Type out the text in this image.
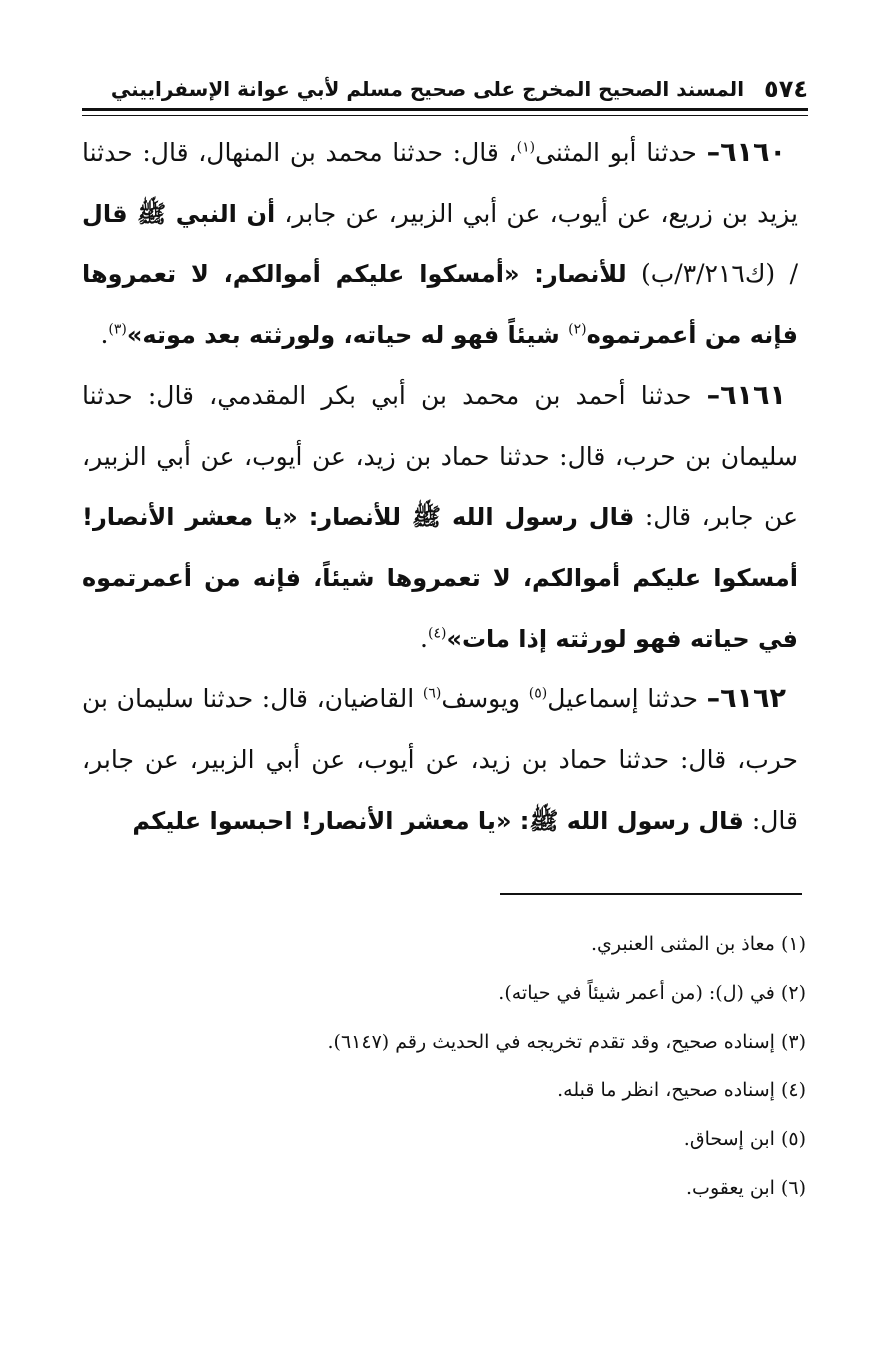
٥٧٤
المسند الصحيح المخرج على صحيح مسلم لأبي عوانة الإسفراييني

٦١٦٠– حدثنا أبو المثنى$^{(١)}$، قال: حدثنا محمد بن المنهال، قال: حدثنا يزيد بن زريع، عن أيوب، عن أبي الزبير، عن جابر، أن النبي ﷺ قال / (ك٣/٢١٦/ب) للأنصار: «أمسكوا عليكم أموالكم، لا تعمروها فإنه من أعمرتموه$^{(٢)}$ شيئاً فهو له حياته، ولورثته بعد موته»$^{(٣)}$.

٦١٦١– حدثنا أحمد بن محمد بن أبي بكر المقدمي، قال: حدثنا سليمان بن حرب، قال: حدثنا حماد بن زيد، عن أيوب، عن أبي الزبير، عن جابر، قال: قال رسول الله ﷺ للأنصار: «يا معشر الأنصار! أمسكوا عليكم أموالكم، لا تعمروها شيئاً، فإنه من أعمرتموه في حياته فهو لورثته إذا مات»$^{(٤)}$.

٦١٦٢– حدثنا إسماعيل$^{(٥)}$ ويوسف$^{(٦)}$ القاضيان، قال: حدثنا سليمان بن حرب، قال: حدثنا حماد بن زيد، عن أيوب، عن أبي الزبير، عن جابر، قال: قال رسول الله ﷺ: «يا معشر الأنصار! احبسوا عليكم

(١) معاذ بن المثنى العنبري.
(٢) في (ل): (من أعمر شيئاً في حياته).
(٣) إسناده صحيح، وقد تقدم تخريجه في الحديث رقم (٦١٤٧).
(٤) إسناده صحيح، انظر ما قبله.
(٥) ابن إسحاق.
(٦) ابن يعقوب.
